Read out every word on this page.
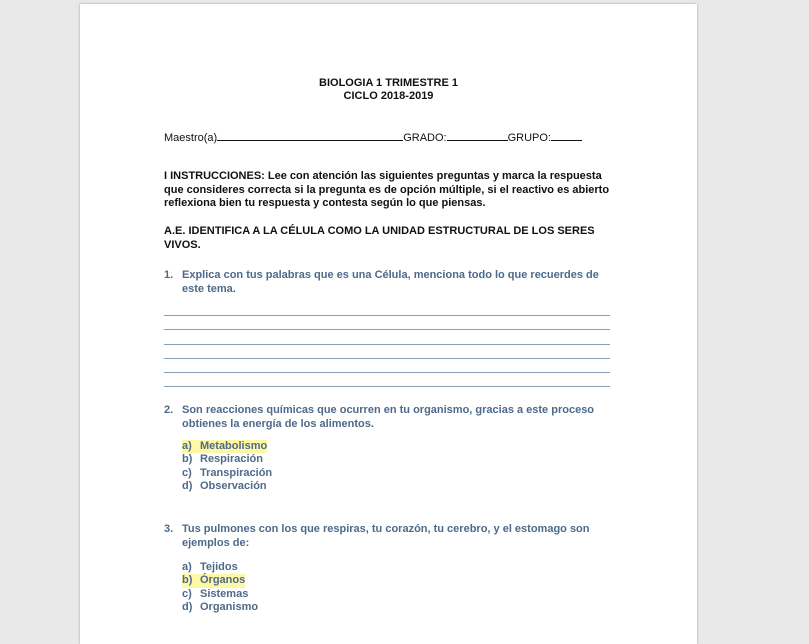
BIOLOGIA 1 TRIMESTRE 1
CICLO 2018-2019
Maestro(a)	GRADO:	GRUPO:
I INSTRUCCIONES: Lee con atención las siguientes preguntas y marca la respuesta que consideres correcta si la pregunta es de opción múltiple, si el reactivo es abierto reflexiona bien tu respuesta y contesta según lo que piensas.
A.E. IDENTIFICA A LA CÉLULA COMO LA UNIDAD ESTRUCTURAL DE LOS SERES VIVOS.
1. Explica con tus palabras que es una Célula, menciona todo lo que recuerdes de este tema.
2. Son reacciones químicas que ocurren en tu organismo, gracias a este proceso obtienes la energía de los alimentos.
a) Metabolismo
b) Respiración
c) Transpiración
d) Observación
3. Tus pulmones con los que respiras, tu corazón, tu cerebro, y el estomago son ejemplos de:
a) Tejidos
b) Órganos
c) Sistemas
d) Organismo
